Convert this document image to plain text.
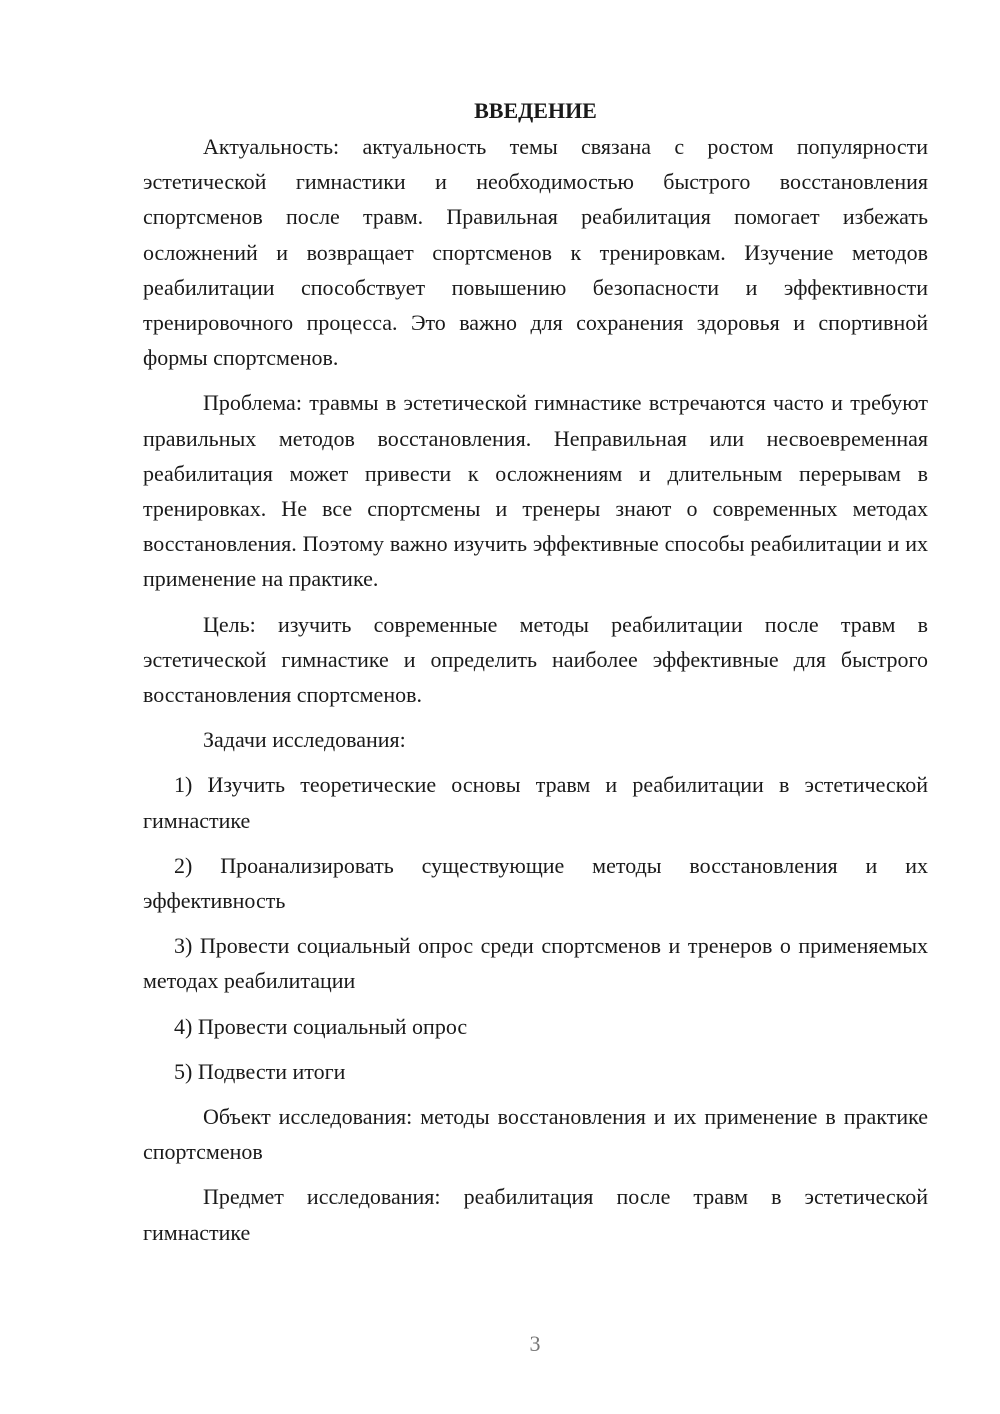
ВВЕДЕНИЕ

Актуальность: актуальность темы связана с ростом популярности эстетической гимнастики и необходимостью быстрого восстановления спортсменов после травм. Правильная реабилитация помогает избежать осложнений и возвращает спортсменов к тренировкам. Изучение методов реабилитации способствует повышению безопасности и эффективности тренировочного процесса. Это важно для сохранения здоровья и спортивной формы спортсменов.

Проблема: травмы в эстетической гимнастике встречаются часто и требуют правильных методов восстановления. Неправильная или несвоевременная реабилитация может привести к осложнениям и длительным перерывам в тренировках. Не все спортсмены и тренеры знают о современных методах восстановления. Поэтому важно изучить эффективные способы реабилитации и их применение на практике.

Цель: изучить современные методы реабилитации после травм в эстетической гимнастике и определить наиболее эффективные для быстрого восстановления спортсменов.

Задачи исследования:

1) Изучить теоретические основы травм и реабилитации в эстетической гимнастике

2) Проанализировать существующие методы восстановления и их эффективность

3) Провести социальный опрос среди спортсменов и тренеров о применяемых методах реабилитации

4) Провести социальный опрос

5) Подвести итоги

Объект исследования: методы восстановления и их применение в практике спортсменов

Предмет исследования: реабилитация после травм в эстетической гимнастике

3
